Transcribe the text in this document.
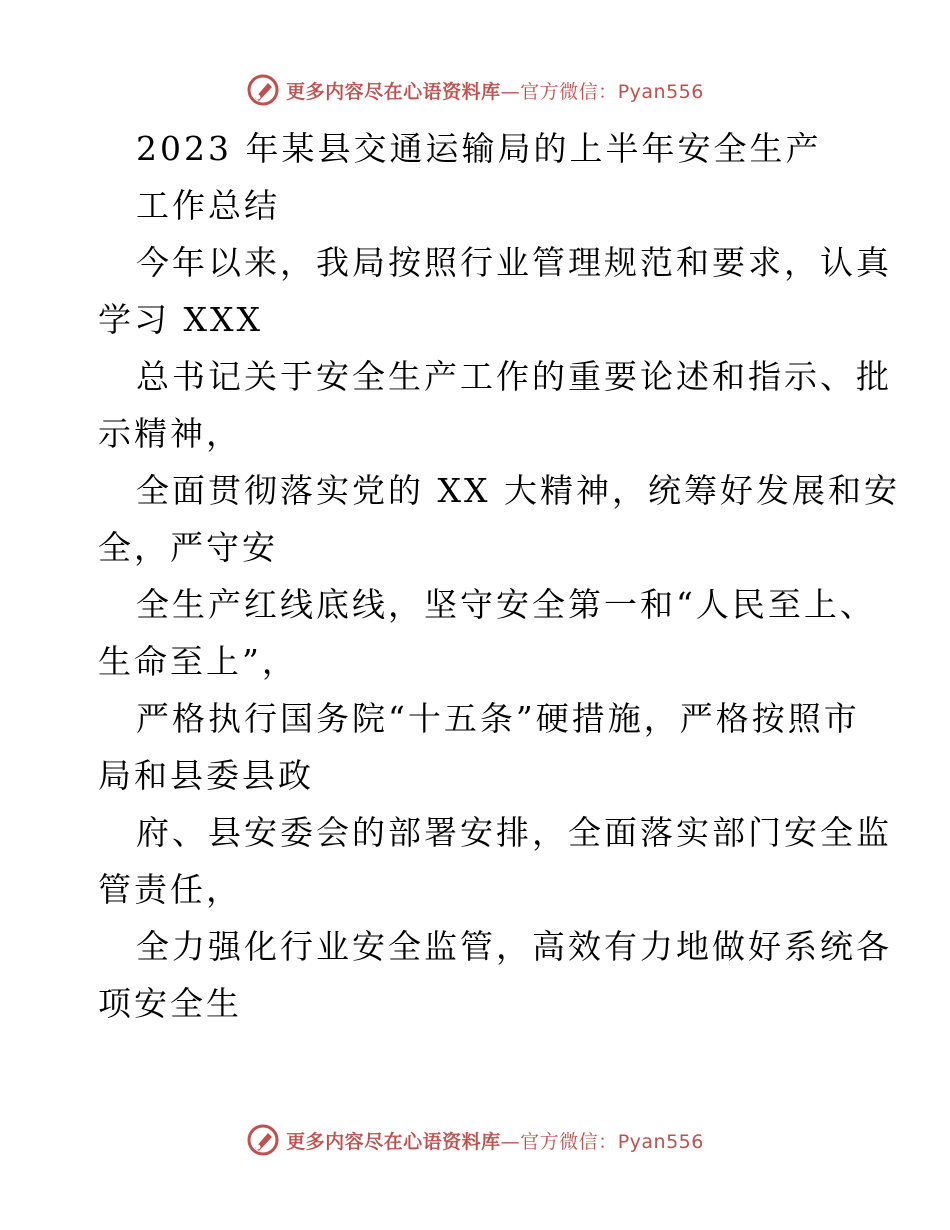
更多内容尽在心语资料库—官方微信：Pyan556
2023 年某县交通运输局的上半年安全生产
工作总结
今年以来，我局按照行业管理规范和要求，认真
学习 XXX
总书记关于安全生产工作的重要论述和指示、批
示精神，
全面贯彻落实党的 XX 大精神，统筹好发展和安
全，严守安
全生产红线底线，坚守安全第一和“人民至上、
生命至上”，
严格执行国务院“十五条”硬措施，严格按照市
局和县委县政
府、县安委会的部署安排，全面落实部门安全监
管责任，
全力强化行业安全监管，高效有力地做好系统各
项安全生
更多内容尽在心语资料库—官方微信：Pyan556
